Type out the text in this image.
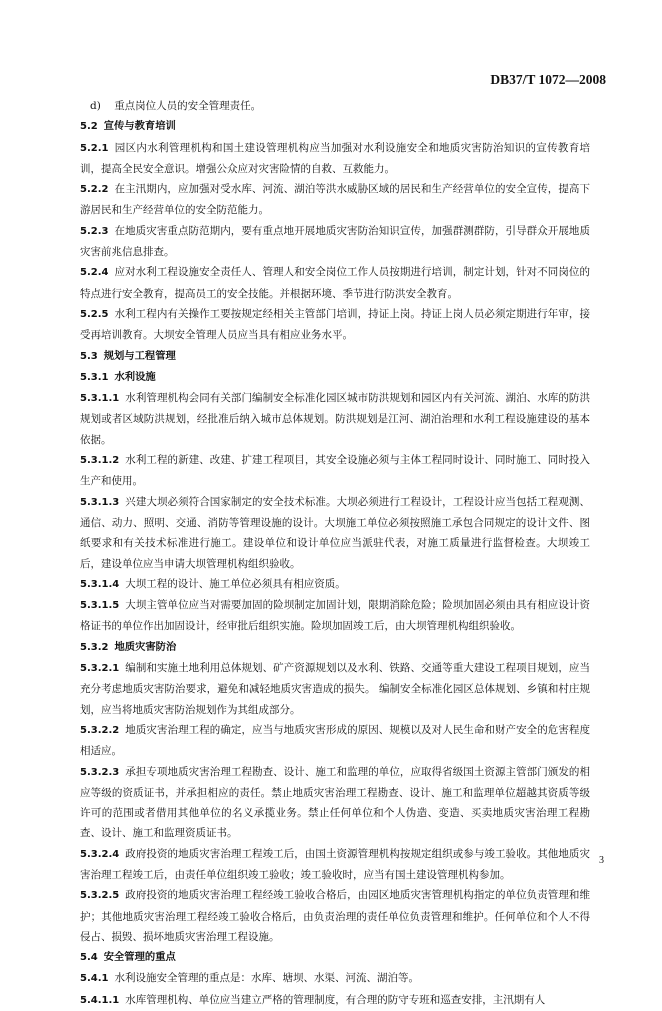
DB37/T 1072—2008

d) 重点岗位人员的安全管理责任。

5.2 宣传与教育培训

5.2.1 园区内水利管理机构和国土建设管理机构应当加强对水利设施安全和地质灾害防治知识的宣传教育培训，提高全民安全意识。增强公众应对灾害险情的自救、互救能力。

5.2.2 在主汛期内，应加强对受水库、河流、湖泊等洪水威胁区域的居民和生产经营单位的安全宣传，提高下游居民和生产经营单位的安全防范能力。

5.2.3 在地质灾害重点防范期内，要有重点地开展地质灾害防治知识宣传，加强群测群防，引导群众开展地质灾害前兆信息排查。

5.2.4 应对水利工程设施安全责任人、管理人和安全岗位工作人员按期进行培训，制定计划，针对不同岗位的特点进行安全教育，提高员工的安全技能。并根据环境、季节进行防洪安全教育。

5.2.5 水利工程内有关操作工要按规定经相关主管部门培训，持证上岗。持证上岗人员必须定期进行年审，接受再培训教育。大坝安全管理人员应当具有相应业务水平。

5.3 规划与工程管理

5.3.1 水利设施

5.3.1.1 水利管理机构会同有关部门编制安全标准化园区城市防洪规划和园区内有关河流、湖泊、水库的防洪规划或者区域防洪规划，经批准后纳入城市总体规划。防洪规划是江河、湖泊治理和水利工程设施建设的基本依据。

5.3.1.2 水利工程的新建、改建、扩建工程项目，其安全设施必须与主体工程同时设计、同时施工、同时投入生产和使用。

5.3.1.3 兴建大坝必须符合国家制定的安全技术标准。大坝必须进行工程设计，工程设计应当包括工程观测、通信、动力、照明、交通、消防等管理设施的设计。大坝施工单位必须按照施工承包合同规定的设计文件、图纸要求和有关技术标准进行施工。建设单位和设计单位应当派驻代表，对施工质量进行监督检查。大坝竣工后，建设单位应当申请大坝管理机构组织验收。

5.3.1.4 大坝工程的设计、施工单位必须具有相应资质。

5.3.1.5 大坝主管单位应当对需要加固的险坝制定加固计划，限期消除危险；险坝加固必须由具有相应设计资格证书的单位作出加固设计，经审批后组织实施。险坝加固竣工后，由大坝管理机构组织验收。

5.3.2 地质灾害防治

5.3.2.1 编制和实施土地利用总体规划、矿产资源规划以及水利、铁路、交通等重大建设工程项目规划，应当充分考虑地质灾害防治要求，避免和减轻地质灾害造成的损失。 编制安全标准化园区总体规划、乡镇和村庄规划，应当将地质灾害防治规划作为其组成部分。

5.3.2.2 地质灾害治理工程的确定，应当与地质灾害形成的原因、规模以及对人民生命和财产安全的危害程度相适应。

5.3.2.3 承担专项地质灾害治理工程勘查、设计、施工和监理的单位，应取得省级国土资源主管部门颁发的相应等级的资质证书，并承担相应的责任。禁止地质灾害治理工程勘查、设计、施工和监理单位超越其资质等级许可的范围或者借用其他单位的名义承揽业务。禁止任何单位和个人伪造、变造、买卖地质灾害治理工程勘查、设计、施工和监理资质证书。

5.3.2.4 政府投资的地质灾害治理工程竣工后，由国土资源管理机构按规定组织或参与竣工验收。其他地质灾害治理工程竣工后，由责任单位组织竣工验收；竣工验收时，应当有国土建设管理机构参加。

5.3.2.5 政府投资的地质灾害治理工程经竣工验收合格后，由园区地质灾害管理机构指定的单位负责管理和维护；其他地质灾害治理工程经竣工验收合格后，由负责治理的责任单位负责管理和维护。任何单位和个人不得侵占、损毁、损坏地质灾害治理工程设施。

5.4 安全管理的重点

5.4.1 水利设施安全管理的重点是：水库、塘坝、水渠、河流、湖泊等。

5.4.1.1 水库管理机构、单位应当建立严格的管理制度，有合理的防守专班和巡查安排，主汛期有人

3
